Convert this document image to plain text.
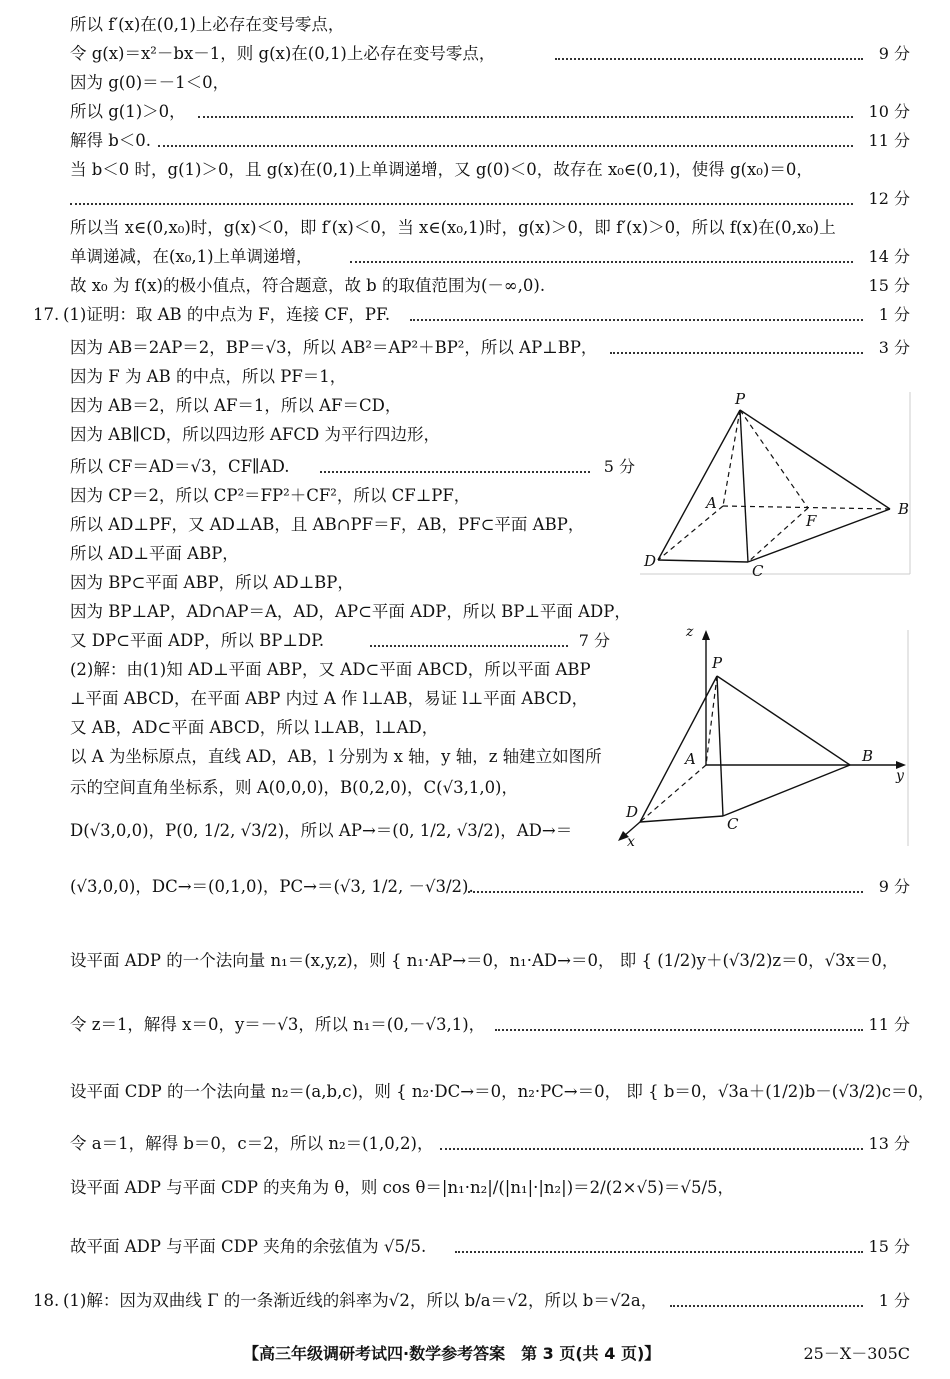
所以 f′(x)在(0,1)上必存在变号零点，
令 g(x)＝x²－bx－1，则 g(x)在(0,1)上必存在变号零点，	9 分
因为 g(0)＝－1＜0，
所以 g(1)＞0，	10 分
解得 b＜0.	11 分
当 b＜0 时，g(1)＞0，且 g(x)在(0,1)上单调递增，又 g(0)＜0，故存在 x₀∈(0,1)，使得 g(x₀)＝0，
12 分
所以当 x∈(0,x₀)时，g(x)＜0，即 f′(x)＜0，当 x∈(x₀,1)时，g(x)＞0，即 f′(x)＞0，所以 f(x)在(0,x₀)上
单调递减，在(x₀,1)上单调递增，	14 分
故 x₀ 为 f(x)的极小值点，符合题意，故 b 的取值范围为(－∞,0).	15 分
17. (1)证明：取 AB 的中点为 F，连接 CF，PF.	1 分
因为 AB＝2AP＝2，BP＝√3，所以 AB²＝AP²＋BP²，所以 AP⊥BP，	3 分
因为 F 为 AB 的中点，所以 PF＝1，
因为 AB＝2，所以 AF＝1，所以 AF＝CD，
因为 AB∥CD，所以四边形 AFCD 为平行四边形，
所以 CF＝AD＝√3，CF∥AD.	5 分
因为 CP＝2，所以 CP²＝FP²＋CF²，所以 CF⊥PF，
所以 AD⊥PF，又 AD⊥AB，且 AB∩PF＝F，AB，PF⊂平面 ABP，
所以 AD⊥平面 ABP，
因为 BP⊂平面 ABP，所以 AD⊥BP，
因为 BP⊥AP，AD∩AP＝A，AD，AP⊂平面 ADP，所以 BP⊥平面 ADP，
又 DP⊂平面 ADP，所以 BP⊥DP.	7 分
(2)解：由(1)知 AD⊥平面 ABP，又 AD⊂平面 ABCD，所以平面 ABP
⊥平面 ABCD，在平面 ABP 内过 A 作 l⊥AB，易证 l⊥平面 ABCD，
又 AB，AD⊂平面 ABCD，所以 l⊥AB，l⊥AD，
以 A 为坐标原点，直线 AD，AB，l 分别为 x 轴，y 轴，z 轴建立如图所
示的空间直角坐标系，则 A(0,0,0)，B(0,2,0)，C(√3,1,0)，
D(√3,0,0)，P(0, 1/2, √3/2)，所以 AP→＝(0, 1/2, √3/2)，AD→＝
(√3,0,0)，DC→＝(0,1,0)，PC→＝(√3, 1/2, －√3/2).	9 分
设平面 ADP 的一个法向量 n₁＝(x,y,z)，则 { n₁·AP→＝0，n₁·AD→＝0， 即 { (1/2)y＋(√3/2)z＝0，√3x＝0，
令 z＝1，解得 x＝0，y＝－√3，所以 n₁＝(0,－√3,1)，	11 分
设平面 CDP 的一个法向量 n₂＝(a,b,c)，则 { n₂·DC→＝0，n₂·PC→＝0， 即 { b＝0，√3a＋(1/2)b－(√3/2)c＝0，
令 a＝1，解得 b＝0，c＝2，所以 n₂＝(1,0,2)，	13 分
设平面 ADP 与平面 CDP 的夹角为 θ，则 cos θ＝|n₁·n₂|/(|n₁|·|n₂|)＝2/(2×√5)＝√5/5，
故平面 ADP 与平面 CDP 夹角的余弦值为 √5/5.	15 分
18. (1)解：因为双曲线 Γ 的一条渐近线的斜率为√2，所以 b/a＝√2，所以 b＝√2a，	1 分
P
A
F
B
D
C
z
P
A	B
y
D
C
x
【高三年级调研考试四·数学参考答案　第 3 页(共 4 页)】	25－X－305C
